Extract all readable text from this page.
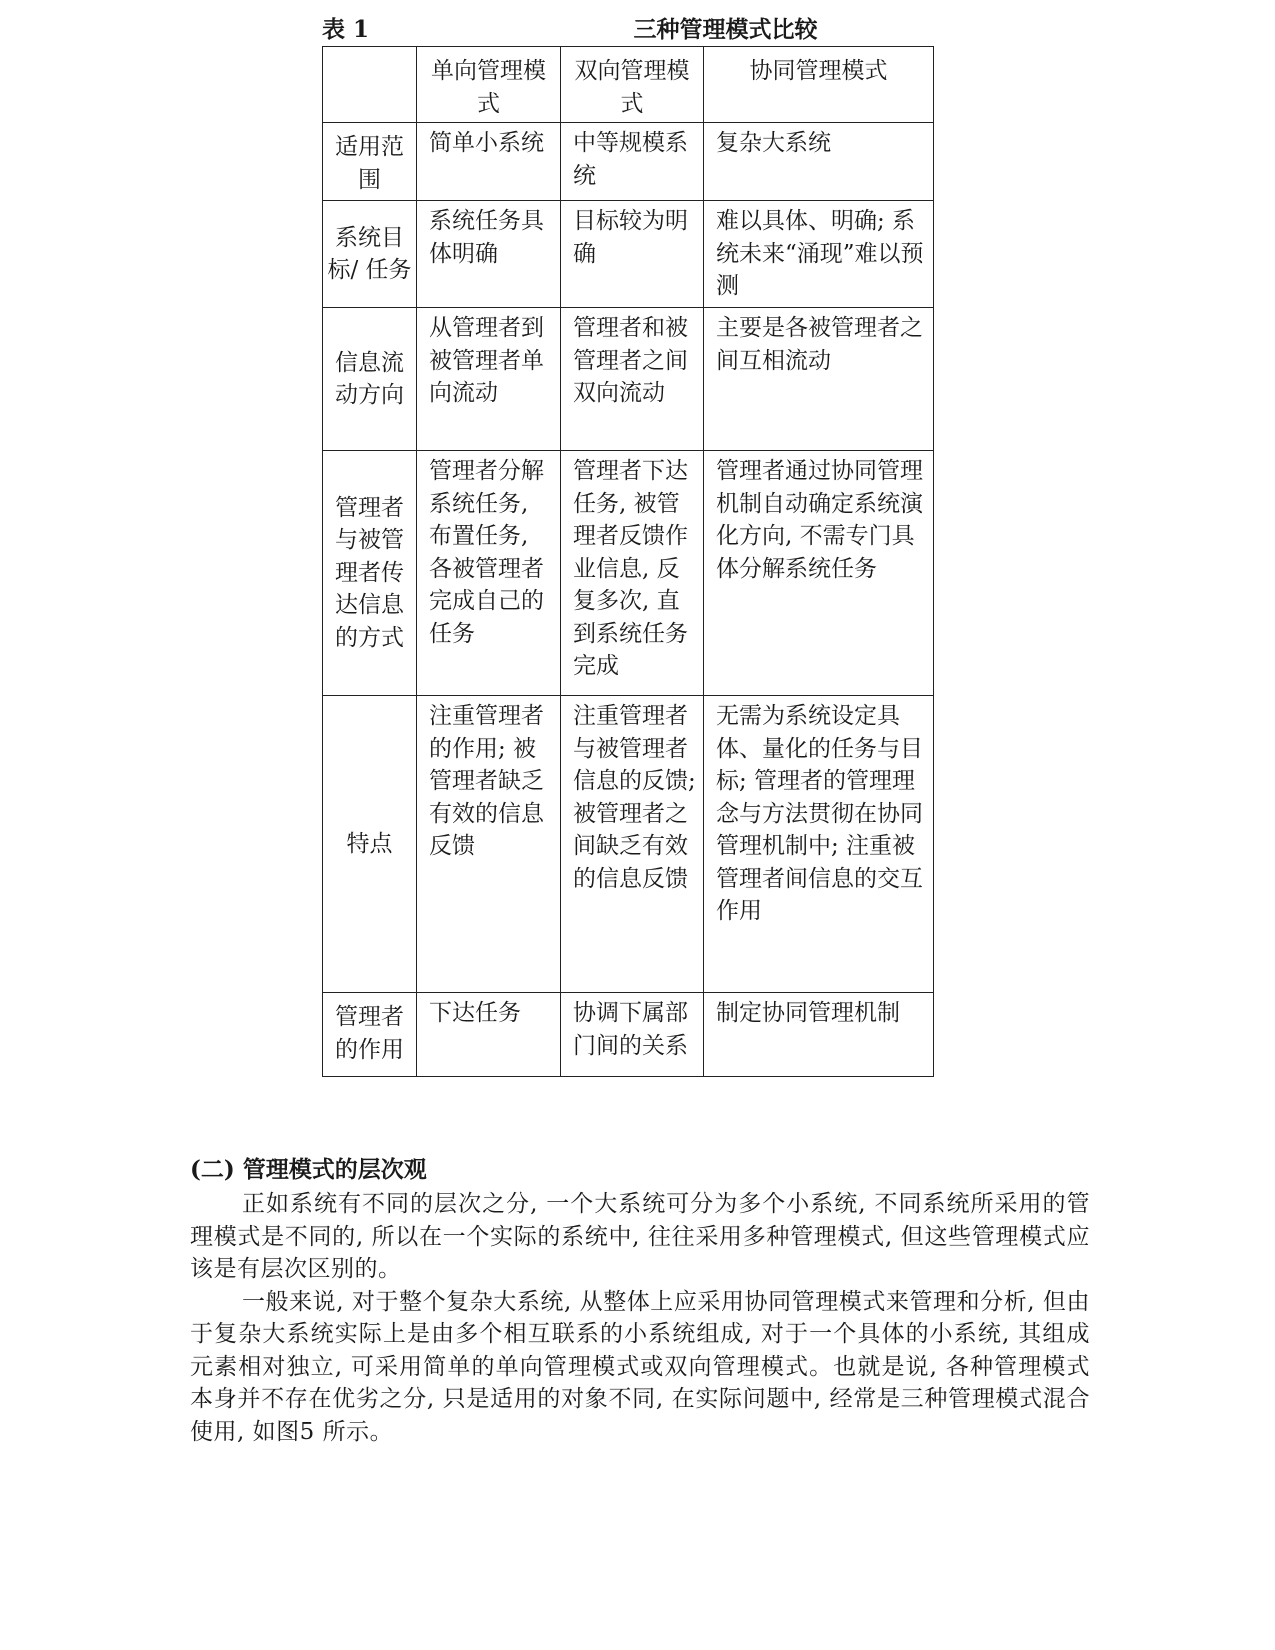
表 1	三种管理模式比较
	单向管理模式	双向管理模式	协同管理模式
适用范围	简单小系统	中等规模系统	复杂大系统
系统目标/ 任务	系统任务具体明确	目标较为明确	难以具体、明确; 系统未来“涌现”难以预测
信息流动方向	从管理者到被管理者单向流动	管理者和被管理者之间双向流动	主要是各被管理者之间互相流动
管理者与被管理者传达信息的方式	管理者分解系统任务, 布置任务, 各被管理者完成自己的任务	管理者下达任务, 被管理者反馈作业信息, 反复多次, 直到系统任务完成	管理者通过协同管理机制自动确定系统演化方向, 不需专门具体分解系统任务
特点	注重管理者的作用; 被管理者缺乏有效的信息反馈	注重管理者与被管理者信息的反馈; 被管理者之间缺乏有效的信息反馈	无需为系统设定具体、量化的任务与目标; 管理者的管理理念与方法贯彻在协同管理机制中; 注重被管理者间信息的交互作用
管理者的作用	下达任务	协调下属部门间的关系	制定协同管理机制
(二) 管理模式的层次观

正如系统有不同的层次之分, 一个大系统可分为多个小系统, 不同系统所采用的管理模式是不同的, 所以在一个实际的系统中, 往往采用多种管理模式, 但这些管理模式应该是有层次区别的。

一般来说, 对于整个复杂大系统, 从整体上应采用协同管理模式来管理和分析, 但由于复杂大系统实际上是由多个相互联系的小系统组成, 对于一个具体的小系统, 其组成元素相对独立, 可采用简单的单向管理模式或双向管理模式。也就是说, 各种管理模式本身并不存在优劣之分, 只是适用的对象不同, 在实际问题中, 经常是三种管理模式混合使用, 如图5 所示。
